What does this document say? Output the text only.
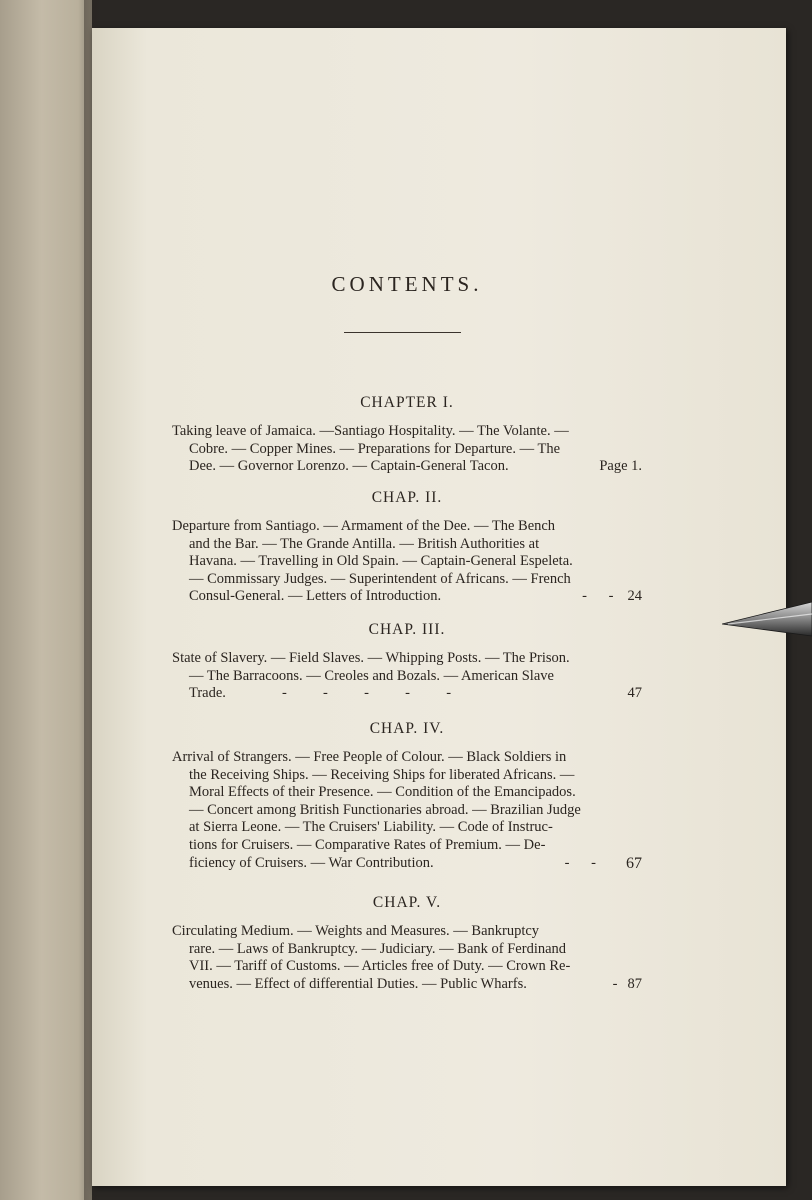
CONTENTS.
CHAPTER I.
Taking leave of Jamaica. —Santiago Hospitality. — The Volante. —
Cobre. — Copper Mines. — Preparations for Departure. — The
Dee. — Governor Lorenzo. — Captain-General Tacon.	Page 1.
CHAP. II.
Departure from Santiago. — Armament of the Dee. — The Bench
and the Bar. — The Grande Antilla. — British Authorities at
Havana. — Travelling in Old Spain. — Captain-General Espeleta.
— Commissary Judges. — Superintendent of Africans. — French
Consul-General. — Letters of Introduction.	-      - 24
CHAP. III.
State of Slavery. — Field Slaves. — Whipping Posts. — The Prison.
— The Barracoons. — Creoles and Bozals. — American Slave
Trade.	-          -          -          -          -	47
CHAP. IV.
Arrival of Strangers. — Free People of Colour. — Black Soldiers in
the Receiving Ships. — Receiving Ships for liberated Africans. —
Moral Effects of their Presence. — Condition of the Emancipados.
— Concert among British Functionaries abroad. — Brazilian Judge
at Sierra Leone. — The Cruisers' Liability. — Code of Instruc-
tions for Cruisers. — Comparative Rates of Premium. — De-
ficiency of Cruisers. — War Contribution.	-      - 67
CHAP. V.
Circulating Medium. — Weights and Measures. — Bankruptcy
rare. — Laws of Bankruptcy. — Judiciary. — Bank of Ferdinand
VII. — Tariff of Customs. — Articles free of Duty. — Crown Re-
venues. — Effect of differential Duties. — Public Wharfs.	- 87
